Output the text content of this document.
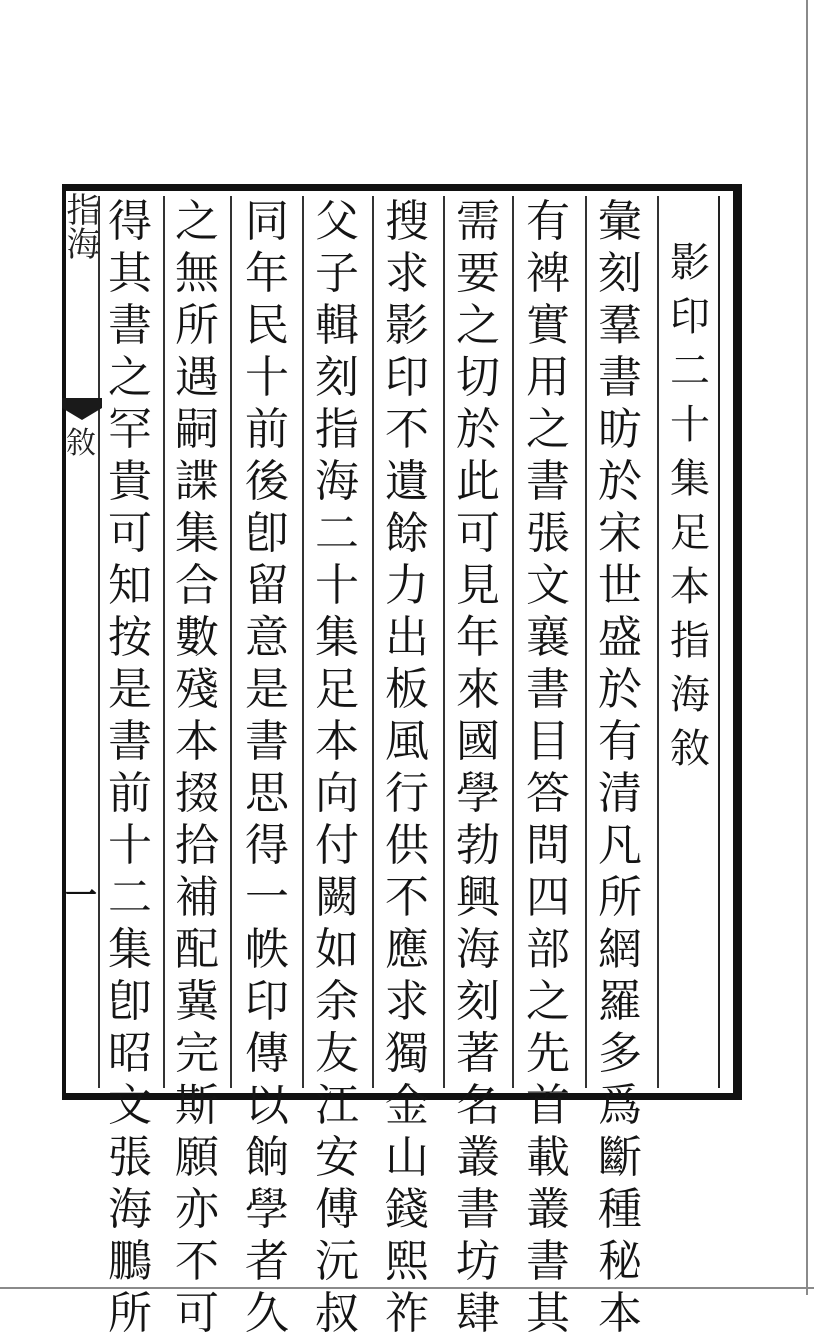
影
印
二
十
集
足
本
指
海
敘
彙
刻
羣
書
昉
於
宋
世
盛
於
有
清
凡
所
網
羅
多
爲
斷
種
秘
本
有
裨
實
用
之
書
張
文
襄
書
目
答
問
四
部
之
先
首
載
叢
書
其
需
要
之
切
於
此
可
見
年
來
國
學
勃
興
海
刻
著
名
叢
書
坊
肆
搜
求
影
印
不
遺
餘
力
出
板
風
行
供
不
應
求
獨
金
山
錢
熙
祚
父
子
輯
刻
指
海
二
十
集
足
本
向
付
闕
如
余
友
江
安
傅
沅
叔
同
年
民
十
前
後
卽
留
意
是
書
思
得
一
帙
印
傳
以
餉
學
者
久
之
無
所
遇
嗣
諜
集
合
數
殘
本
掇
拾
補
配
冀
完
斯
願
亦
不
可
得
其
書
之
罕
貴
可
知
按
是
書
前
十
二
集
卽
昭
文
張
海
鵬
所
指海
敘
一
